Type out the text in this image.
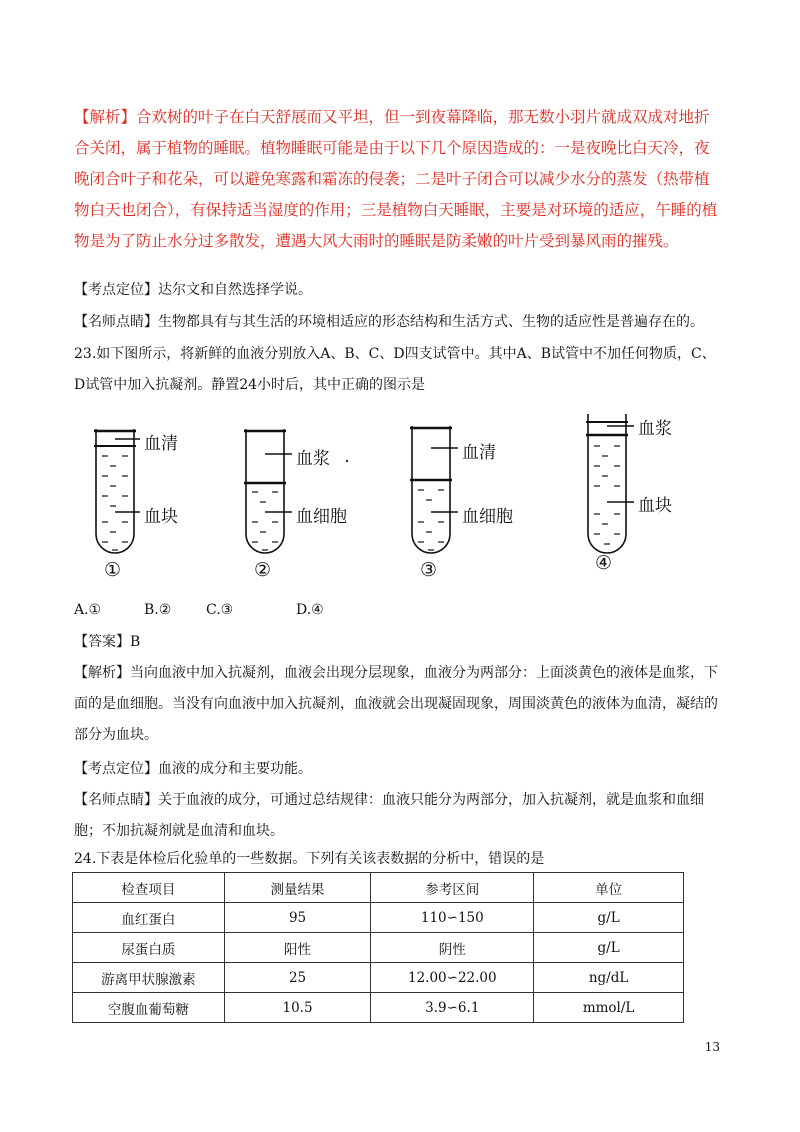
【解析】合欢树的叶子在白天舒展而又平坦，但一到夜幕降临，那无数小羽片就成双成对地折合关闭，属于植物的睡眠。植物睡眠可能是由于以下几个原因造成的：一是夜晚比白天冷，夜晚闭合叶子和花朵，可以避免寒露和霜冻的侵袭；二是叶子闭合可以减少水分的蒸发（热带植物白天也闭合），有保持适当湿度的作用；三是植物白天睡眠，主要是对环境的适应，午睡的植物是为了防止水分过多散发，遭遇大风大雨时的睡眠是防柔嫩的叶片受到暴风雨的摧残。
【考点定位】达尔文和自然选择学说。
【名师点睛】生物都具有与其生活的环境相适应的形态结构和生活方式、生物的适应性是普遍存在的。
23.如下图所示，将新鲜的血液分别放入A、B、C、D四支试管中。其中A、B试管中不加任何物质，C、D试管中加入抗凝剂。静置24小时后，其中正确的图示是
血清
血块
①
血浆
血细胞
②
血清
血细胞
③
血浆
血块
④
A.①	B.② C.③	D.④
【答案】B
【解析】当向血液中加入抗凝剂，血液会出现分层现象，血液分为两部分：上面淡黄色的液体是血浆，下面的是血细胞。当没有向血液中加入抗凝剂，血液就会出现凝固现象，周围淡黄色的液体为血清，凝结的部分为血块。
【考点定位】血液的成分和主要功能。
【名师点睛】关于血液的成分，可通过总结规律：血液只能分为两部分，加入抗凝剂，就是血浆和血细胞；不加抗凝剂就是血清和血块。
24.下表是体检后化验单的一些数据。下列有关该表数据的分析中，错误的是
检查项目	测量结果	参考区间	单位
血红蛋白	95	110∽150	g/L
尿蛋白质	阳性	阴性	g/L
游离甲状腺激素	25	12.00∽22.00	ng/dL
空腹血葡萄糖	10.5	3.9∽6.1	mmol/L
13
